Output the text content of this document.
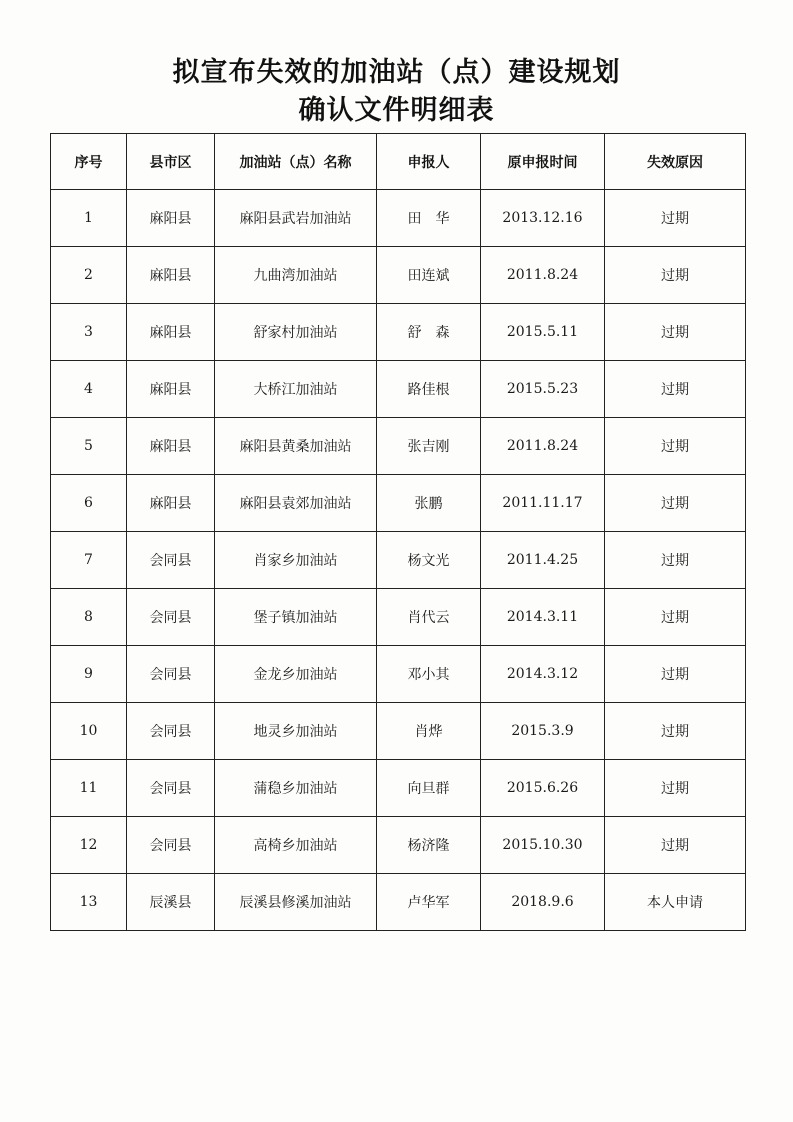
拟宣布失效的加油站（点）建设规划
确认文件明细表
序号	县市区	加油站（点）名称	申报人	原申报时间	失效原因
1	麻阳县	麻阳县武岩加油站	田　华	2013.12.16	过期
2	麻阳县	九曲湾加油站	田连斌	2011.8.24	过期
3	麻阳县	舒家村加油站	舒　森	2015.5.11	过期
4	麻阳县	大桥江加油站	路佳根	2015.5.23	过期
5	麻阳县	麻阳县黄桑加油站	张吉刚	2011.8.24	过期
6	麻阳县	麻阳县袁郊加油站	张鹏	2011.11.17	过期
7	会同县	肖家乡加油站	杨文光	2011.4.25	过期
8	会同县	堡子镇加油站	肖代云	2014.3.11	过期
9	会同县	金龙乡加油站	邓小其	2014.3.12	过期
10	会同县	地灵乡加油站	肖烨	2015.3.9	过期
11	会同县	蒲稳乡加油站	向旦群	2015.6.26	过期
12	会同县	高椅乡加油站	杨济隆	2015.10.30	过期
13	辰溪县	辰溪县修溪加油站	卢华军	2018.9.6	本人申请
